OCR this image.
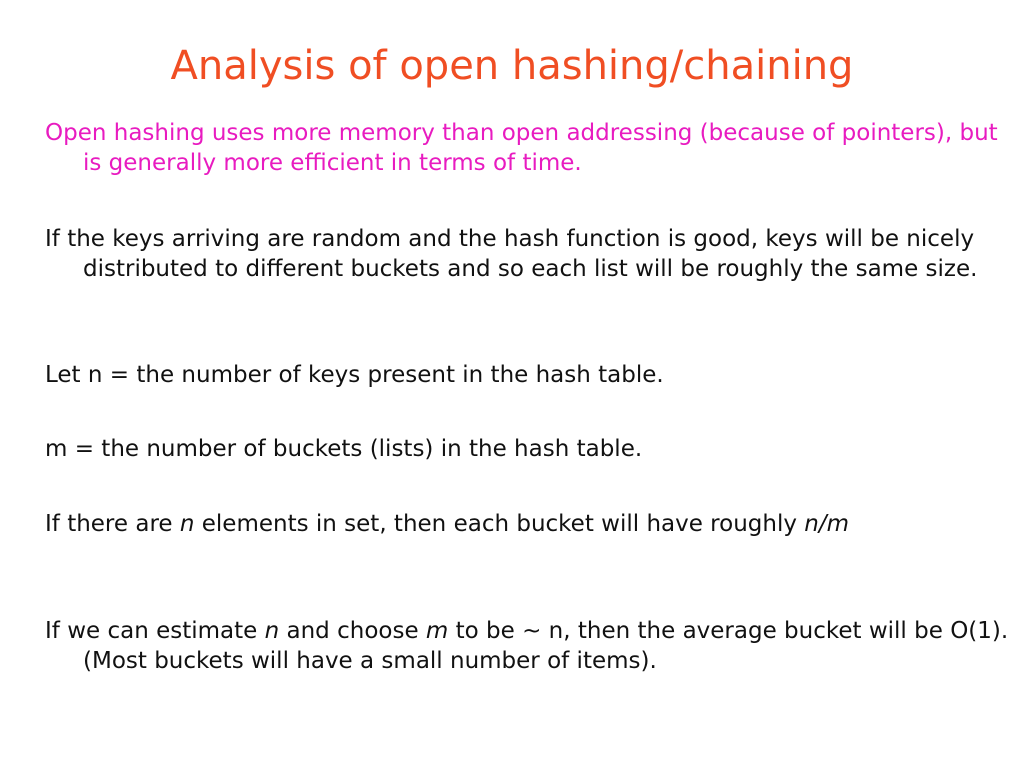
Analysis of open hashing/chaining

Open hashing uses more memory than open addressing (because of pointers), but is generally more efficient in terms of time.

If the keys arriving are random and the hash function is good, keys will be nicely distributed to different buckets and so each list will be roughly the same size.

Let n = the number of keys present in the hash table.

m = the number of buckets (lists) in the hash table.

If there are n elements in set, then each bucket will have roughly n/m

If we can estimate n and choose m to be ~ n, then the average bucket will be O(1). (Most buckets will have a small number of items).
